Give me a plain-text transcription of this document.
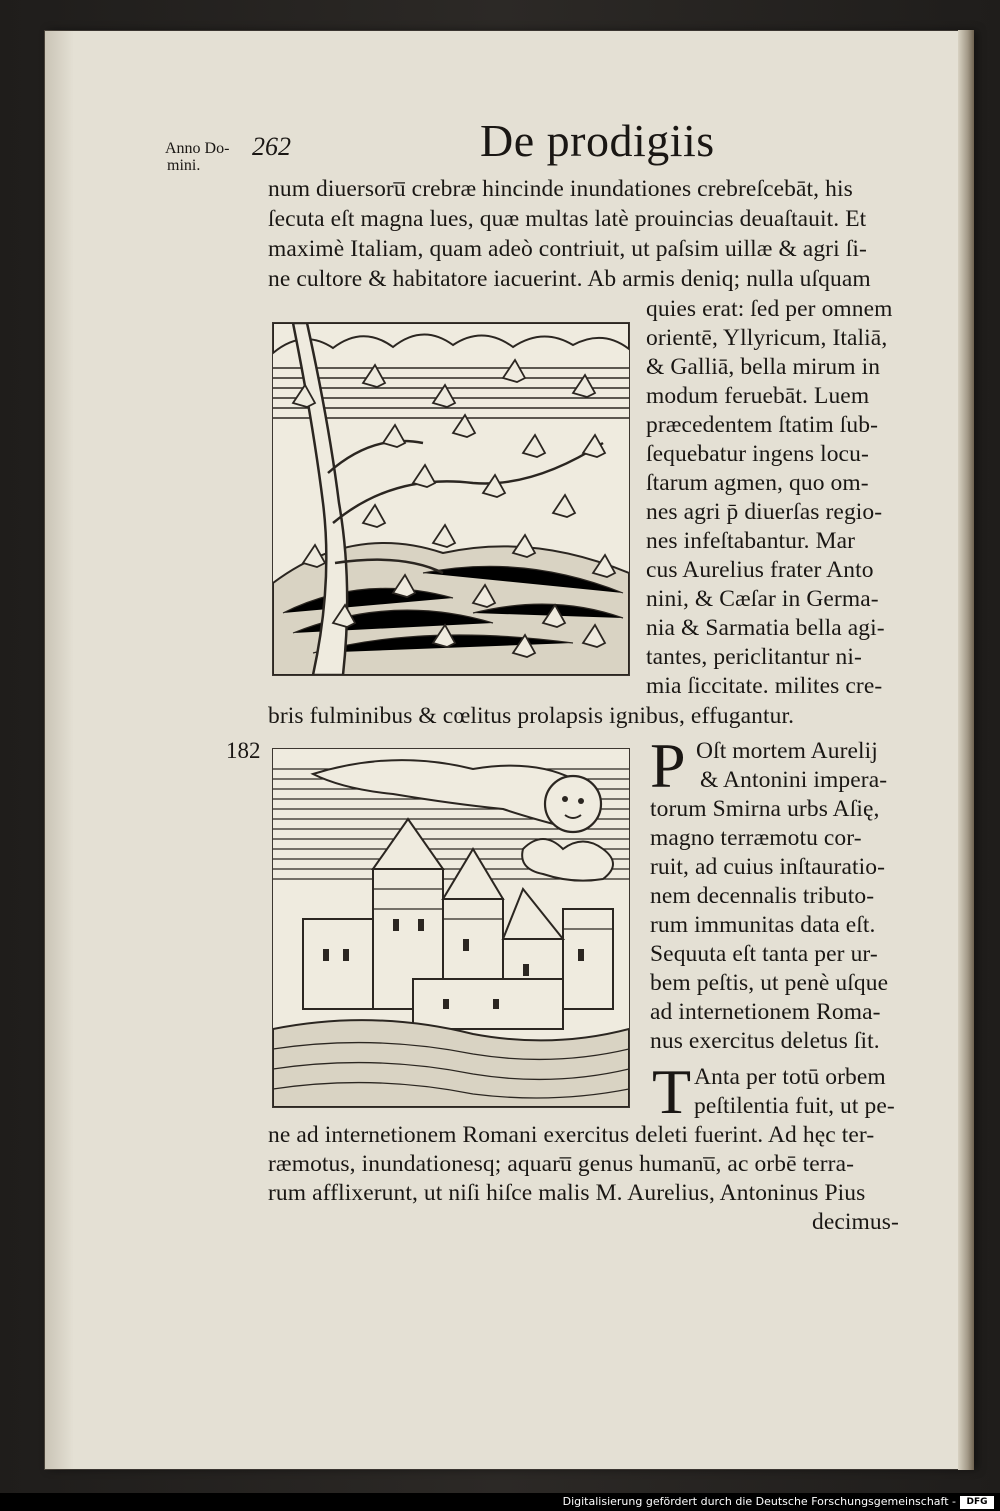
Anno Do-
mini.
262	De prodigiis
num diuersoru̅ crebræ hincinde inundationes crebreſcebāt, his
ſecuta eſt magna lues, quæ multas latè prouincias deuaſtauit. Et
maximè Italiam, quam adeò contriuit, ut paſsim uillæ & agri ſi-
ne cultore & habitatore iacuerint. Ab armis deniq; nulla uſquam
quies erat: ſed per omnem
orientē, Yllyricum, Italiā,
& Galliā, bella mirum in
modum feruebāt. Luem
præcedentem ſtatim ſub-
ſequebatur ingens locu-
ſtarum agmen, quo om-
nes agri p̄ diuerſas regio-
nes infeſtabantur. Mar
cus Aurelius frater Anto
nini, & Cæſar in Germa-
nia & Sarmatia bella agi-
tantes, periclitantur ni-
mia ſiccitate. milites cre-
bris fulminibus & cœlitus prolapsis ignibus, effugantur.
182	P Oſt mortem Aurelij
& Antonini impera-
torum Smirna urbs Aſię,
magno terræmotu cor-
ruit, ad cuius inſtauratio-
nem decennalis tributo-
rum immunitas data eſt.
Sequuta eſt tanta per ur-
bem peſtis, ut penè uſque
ad internetionem Roma-
nus exercitus deletus ſit.
T Anta per totū orbem
peſtilentia fuit, ut pe-
ne ad internetionem Romani exercitus deleti fuerint. Ad hęc ter-
ræmotus, inundationesq; aquaru̅ genus humanu̅, ac orbē terra-
rum afflixerunt, ut niſi hiſce malis M. Aurelius, Antoninus Pius
decimus-
Digitalisierung gefördert durch die Deutsche Forschungsgemeinschaft -	DFG
